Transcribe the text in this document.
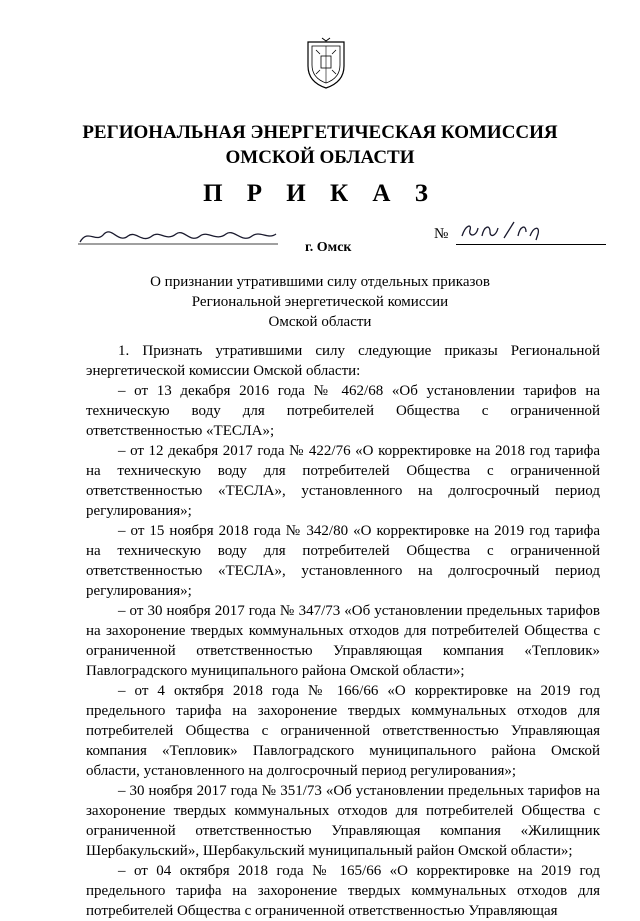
РЕГИОНАЛЬНАЯ ЭНЕРГЕТИЧЕСКАЯ КОМИССИЯ
ОМСКОЙ ОБЛАСТИ
П Р И К А З
№
г. Омск
О признании утратившими силу отдельных приказов
Региональной энергетической комиссии
Омской области

1. Признать утратившими силу следующие приказы Региональной энергетической комиссии Омской области:

– от 13 декабря 2016 года № 462/68 «Об установлении тарифов на техническую воду для потребителей Общества с ограниченной ответственностью «ТЕСЛА»;

– от 12 декабря 2017 года № 422/76 «О корректировке на 2018 год тарифа на техническую воду для потребителей Общества с ограниченной ответственностью «ТЕСЛА», установленного на долгосрочный период регулирования»;

– от 15 ноября 2018 года № 342/80 «О корректировке на 2019 год тарифа на техническую воду для потребителей Общества с ограниченной ответственностью «ТЕСЛА», установленного на долгосрочный период регулирования»;

– от 30 ноября 2017 года № 347/73 «Об установлении предельных тарифов на захоронение твердых коммунальных отходов для потребителей Общества с ограниченной ответственностью Управляющая компания «Тепловик» Павлоградского муниципального района Омской области»;

– от 4 октября 2018 года № 166/66 «О корректировке на 2019 год предельного тарифа на захоронение твердых коммунальных отходов для потребителей Общества с ограниченной ответственностью Управляющая компания «Тепловик» Павлоградского муниципального района Омской области, установленного на долгосрочный период регулирования»;

– 30 ноября 2017 года № 351/73 «Об установлении предельных тарифов на захоронение твердых коммунальных отходов для потребителей Общества с ограниченной ответственностью Управляющая компания «Жилищник Шербакульский», Шербакульский муниципальный район Омской области»;

– от 04 октября 2018 года № 165/66 «О корректировке на 2019 год предельного тарифа на захоронение твердых коммунальных отходов для потребителей Общества с ограниченной ответственностью Управляющая
